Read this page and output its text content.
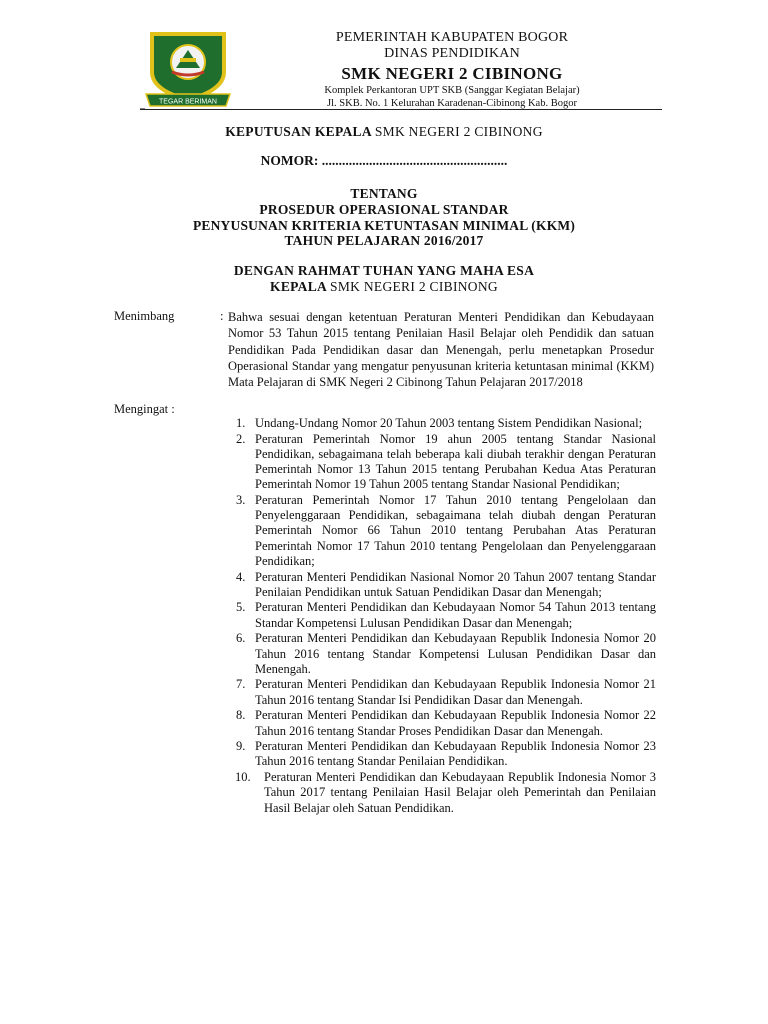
TEGAR BERIMAN
PEMERINTAH KABUPATEN BOGOR
DINAS PENDIDIKAN
SMK NEGERI 2 CIBINONG
Komplek Perkantoran UPT SKB (Sanggar Kegiatan Belajar)
Jl. SKB. No. 1 Kelurahan Karadenan-Cibinong Kab. Bogor
–
KEPUTUSAN KEPALA SMK NEGERI 2 CIBINONG
NOMOR: .......................................................
TENTANG
PROSEDUR OPERASIONAL STANDAR
PENYUSUNAN KRITERIA KETUNTASAN MINIMAL (KKM)
TAHUN PELAJARAN 2016/2017
DENGAN RAHMAT TUHAN YANG MAHA ESA
KEPALA SMK NEGERI 2 CIBINONG
Menimbang	: Bahwa sesuai dengan ketentuan Peraturan Menteri Pendidikan dan Kebudayaan Nomor 53 Tahun 2015 tentang Penilaian Hasil Belajar oleh Pendidik dan satuan Pendidikan Pada Pendidikan dasar dan Menengah, perlu menetapkan Prosedur Operasional Standar yang mengatur penyusunan kriteria ketuntasan minimal (KKM) Mata Pelajaran di SMK Negeri 2 Cibinong Tahun Pelajaran 2017/2018
Mengingat :
1. Undang-Undang Nomor 20 Tahun 2003 tentang Sistem Pendidikan Nasional;
2. Peraturan Pemerintah Nomor 19 ahun 2005 tentang Standar Nasional Pendidikan, sebagaimana telah beberapa kali diubah terakhir dengan Peraturan Pemerintah Nomor 13 Tahun 2015 tentang Perubahan Kedua Atas Peraturan Pemerintah Nomor 19 Tahun 2005 tentang Standar Nasional Pendidikan;
3. Peraturan Pemerintah Nomor 17 Tahun 2010 tentang Pengelolaan dan Penyelenggaraan Pendidikan, sebagaimana telah diubah dengan Peraturan Pemerintah Nomor 66 Tahun 2010 tentang Perubahan Atas Peraturan Pemerintah Nomor 17 Tahun 2010 tentang Pengelolaan dan Penyelenggaraan Pendidikan;
4. Peraturan Menteri Pendidikan Nasional Nomor 20 Tahun 2007 tentang Standar Penilaian Pendidikan untuk Satuan Pendidikan Dasar dan Menengah;
5. Peraturan Menteri Pendidikan dan Kebudayaan Nomor 54 Tahun 2013 tentang Standar Kompetensi Lulusan Pendidikan Dasar dan Menengah;
6. Peraturan Menteri Pendidikan dan Kebudayaan Republik Indonesia Nomor 20 Tahun 2016 tentang Standar Kompetensi Lulusan Pendidikan Dasar dan Menengah.
7. Peraturan Menteri Pendidikan dan Kebudayaan Republik Indonesia Nomor 21 Tahun 2016 tentang Standar Isi Pendidikan Dasar dan Menengah.
8. Peraturan Menteri Pendidikan dan Kebudayaan Republik Indonesia Nomor 22 Tahun 2016 tentang Standar Proses Pendidikan Dasar dan Menengah.
9. Peraturan Menteri Pendidikan dan Kebudayaan Republik Indonesia Nomor 23 Tahun 2016 tentang Standar Penilaian Pendidikan.
10. Peraturan Menteri Pendidikan dan Kebudayaan Republik Indonesia Nomor 3 Tahun 2017 tentang Penilaian Hasil Belajar oleh Pemerintah dan Penilaian Hasil Belajar oleh Satuan Pendidikan.
